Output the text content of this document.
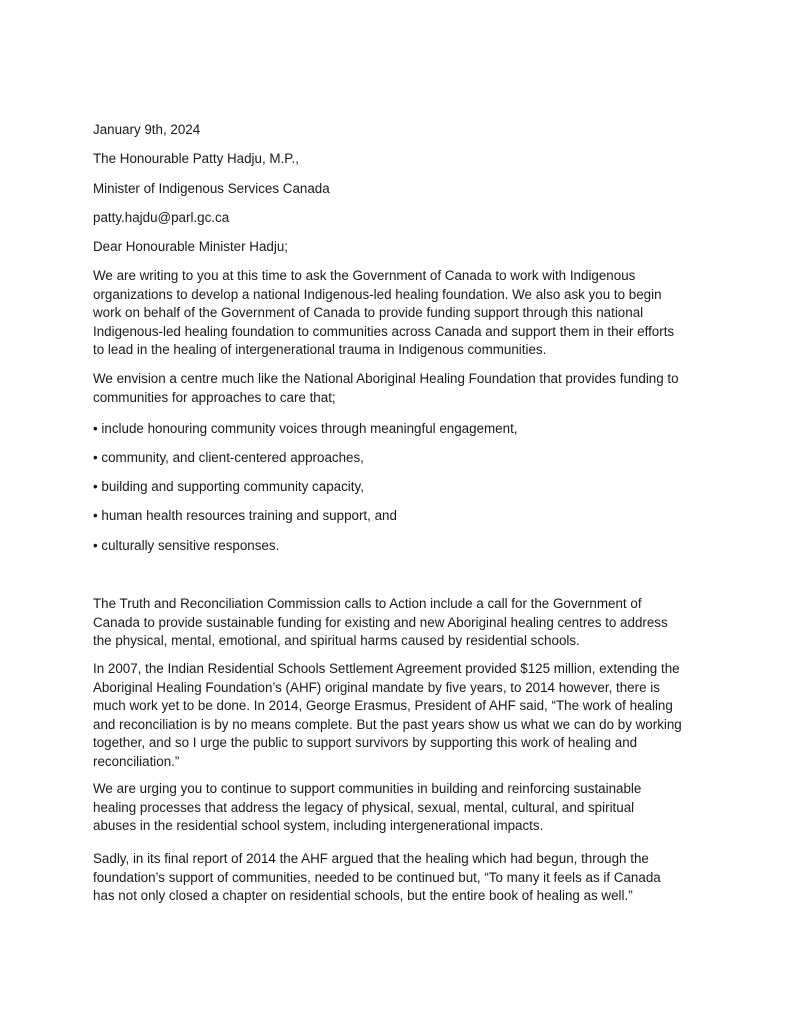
January 9th, 2024
The Honourable Patty Hadju, M.P.,
Minister of Indigenous Services Canada
patty.hajdu@parl.gc.ca
Dear Honourable Minister Hadju;
We are writing to you at this time to ask the Government of Canada to work with Indigenous
organizations to develop a national Indigenous-led healing foundation. We also ask you to begin
work on behalf of the Government of Canada to provide funding support through this national
Indigenous-led healing foundation to communities across Canada and support them in their efforts
to lead in the healing of intergenerational trauma in Indigenous communities.
We envision a centre much like the National Aboriginal Healing Foundation that provides funding to
communities for approaches to care that;
• include honouring community voices through meaningful engagement,
• community, and client-centered approaches,
• building and supporting community capacity,
• human health resources training and support, and
• culturally sensitive responses.
The Truth and Reconciliation Commission calls to Action include a call for the Government of
Canada to provide sustainable funding for existing and new Aboriginal healing centres to address
the physical, mental, emotional, and spiritual harms caused by residential schools.
In 2007, the Indian Residential Schools Settlement Agreement provided $125 million, extending the
Aboriginal Healing Foundation’s (AHF) original mandate by five years, to 2014 however, there is
much work yet to be done. In 2014, George Erasmus, President of AHF said, “The work of healing
and reconciliation is by no means complete. But the past years show us what we can do by working
together, and so I urge the public to support survivors by supporting this work of healing and
reconciliation.”
We are urging you to continue to support communities in building and reinforcing sustainable
healing processes that address the legacy of physical, sexual, mental, cultural, and spiritual
abuses in the residential school system, including intergenerational impacts.
Sadly, in its final report of 2014 the AHF argued that the healing which had begun, through the
foundation’s support of communities, needed to be continued but, “To many it feels as if Canada
has not only closed a chapter on residential schools, but the entire book of healing as well.”
